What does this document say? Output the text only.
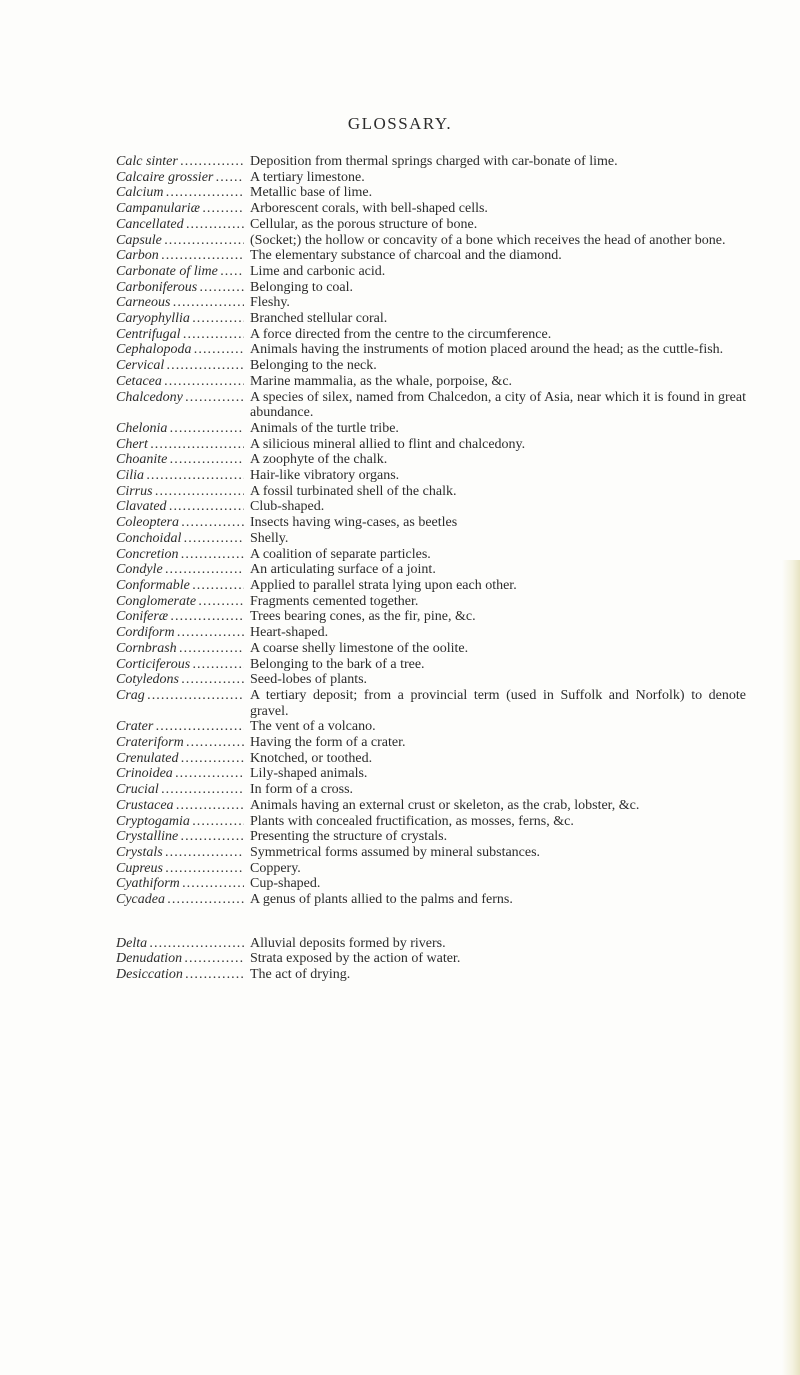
GLOSSARY.
Calc sinter . . .	Deposition from thermal springs charged with car-bonate of lime.
Calcaire grossier . . .	A tertiary limestone.
Calcium . . .	Metallic base of lime.
Campanulariæ . . .	Arborescent corals, with bell-shaped cells.
Cancellated . . .	Cellular, as the porous structure of bone.
Capsule . . .	(Socket;) the hollow or concavity of a bone which receives the head of another bone.
Carbon . . .	The elementary substance of charcoal and the diamond.
Carbonate of lime . . .	Lime and carbonic acid.
Carboniferous . . .	Belonging to coal.
Carneous . . .	Fleshy.
Caryophyllia . . .	Branched stellular coral.
Centrifugal . . .	A force directed from the centre to the circumference.
Cephalopoda . . .	Animals having the instruments of motion placed around the head; as the cuttle-fish.
Cervical . . .	Belonging to the neck.
Cetacea . . .	Marine mammalia, as the whale, porpoise, &c.
Chalcedony . . .	A species of silex, named from Chalcedon, a city of Asia, near which it is found in great abundance.
Chelonia . . .	Animals of the turtle tribe.
Chert . . .	A silicious mineral allied to flint and chalcedony.
Choanite . . .	A zoophyte of the chalk.
Cilia . . .	Hair-like vibratory organs.
Cirrus . . .	A fossil turbinated shell of the chalk.
Clavated . . .	Club-shaped.
Coleoptera . . .	Insects having wing-cases, as beetles
Conchoidal . . .	Shelly.
Concretion . . .	A coalition of separate particles.
Condyle . . .	An articulating surface of a joint.
Conformable . . .	Applied to parallel strata lying upon each other.
Conglomerate . . .	Fragments cemented together.
Coniferæ . . .	Trees bearing cones, as the fir, pine, &c.
Cordiform . . .	Heart-shaped.
Cornbrash . . .	A coarse shelly limestone of the oolite.
Corticiferous . . .	Belonging to the bark of a tree.
Cotyledons . . .	Seed-lobes of plants.
Crag . . .	A tertiary deposit; from a provincial term (used in Suffolk and Norfolk) to denote gravel.
Crater . . .	The vent of a volcano.
Crateriform . . .	Having the form of a crater.
Crenulated . . .	Knotched, or toothed.
Crinoidea . . .	Lily-shaped animals.
Crucial . . .	In form of a cross.
Crustacea . . .	Animals having an external crust or skeleton, as the crab, lobster, &c.
Cryptogamia . . .	Plants with concealed fructification, as mosses, ferns, &c.
Crystalline . . .	Presenting the structure of crystals.
Crystals . . .	Symmetrical forms assumed by mineral substances.
Cupreus . . .	Coppery.
Cyathiform . . .	Cup-shaped.
Cycadea . . .	A genus of plants allied to the palms and ferns.
Delta . . .	Alluvial deposits formed by rivers.
Denudation . . .	Strata exposed by the action of water.
Desiccation . . .	The act of drying.
